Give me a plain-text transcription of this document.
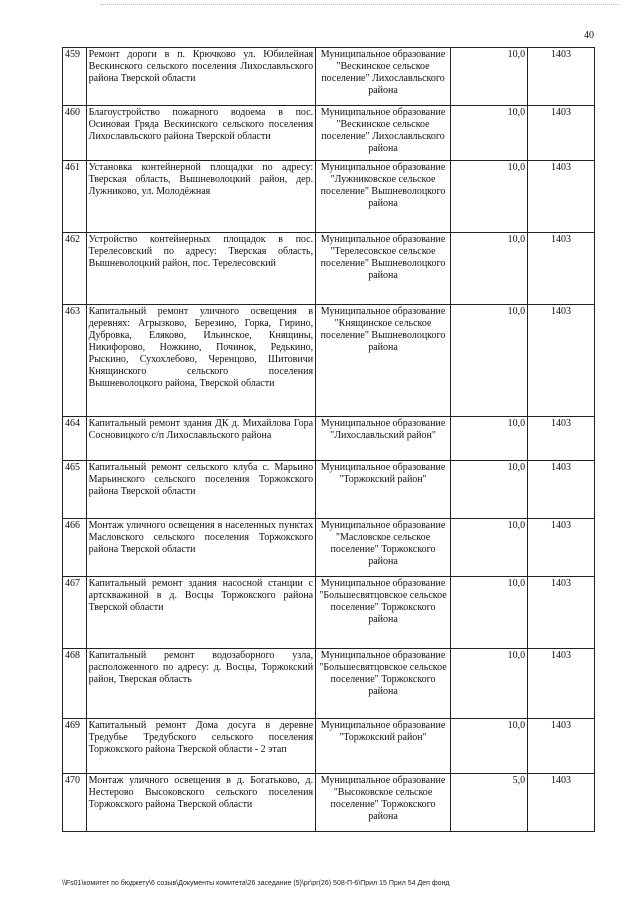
40
459	Ремонт дороги в п. Крючково ул. Юбилейная Вескинского сельского поселения Лихославльского района Тверской области	Муниципальное образование "Вескинское сельское поселение" Лихославльского района	10,0	1403
460	Благоустройство пожарного водоема в пос. Осиновая Гряда Вескинского сельского поселения Лихославльского района Тверской области	Муниципальное образование "Вескинское сельское поселение" Лихославльского района	10,0	1403
461	Установка контейнерной площадки по адресу: Тверская область, Вышневолоцкий район, дер. Лужниково, ул. Молодёжная	Муниципальное образование "Лужниковское сельское поселение" Вышневолоцкого района	10,0	1403
462	Устройство контейнерных площадок в пос. Терелесовский по адресу: Тверская область, Вышневолоцкий район, пос. Терелесовский	Муниципальное образование "Терелесовское сельское поселение" Вышневолоцкого района	10,0	1403
463	Капитальный ремонт уличного освещения в деревнях: Агрызково, Березино, Горка, Гирино, Дубровка, Еляково, Ильинское, Княщины, Никифорово, Ножкино, Починок, Редькино, Рыскино, Сухохлебово, Черенцово, Шитовичи Княщинского сельского поселения Вышневолоцкого района, Тверской области	Муниципальное образование "Княщинское сельское поселение" Вышневолоцкого района	10,0	1403
464	Капитальный ремонт здания ДК д. Михайлова Гора Сосновицкого с/п Лихославльского района	Муниципальное образование "Лихославльский район"	10,0	1403
465	Капитальный ремонт сельского клуба с. Марьино Марьинского сельского поселения Торжокского района Тверской области	Муниципальное образование "Торжокский район"	10,0	1403
466	Монтаж уличного освещения в населенных пунктах Масловского сельского поселения Торжокского района Тверской области	Муниципальное образование "Масловское сельское поселение" Торжокского района	10,0	1403
467	Капитальный ремонт здания насосной станции с артскважиной в д. Восцы Торжокского района Тверской области	Муниципальное образование "Большесвятцовское сельское поселение" Торжокского района	10,0	1403
468	Капитальный ремонт водозаборного узла, расположенного по адресу: д. Восцы, Торжокский район, Тверская область	Муниципальное образование "Большесвятцовское сельское поселение" Торжокского района	10,0	1403
469	Капитальный ремонт Дома досуга в деревне Тредубье Тредубского сельского поселения Торжокского района Тверской области - 2 этап	Муниципальное образование "Торжокский район"	10,0	1403
470	Монтаж уличного освещения в д. Богатьково, д. Нестерово Высоковского сельского поселения Торжокского района Тверской области	Муниципальное образование "Высоковское сельское поселение" Торжокского района	5,0	1403
\\Fs01\комитет по бюджету\6 созыв\Документы комитета\26 заседание (5)\рг\рг(26) 508-П-6\Прил 15 Прил 54 Деп фонд
